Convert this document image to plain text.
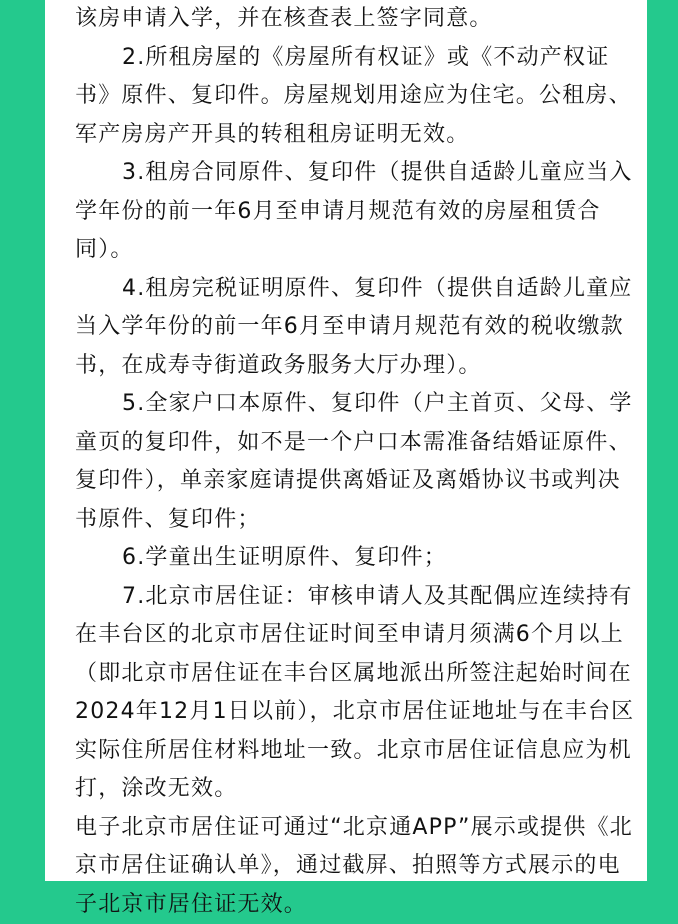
该房申请入学，并在核查表上签字同意。

2.所租房屋的《房屋所有权证》或《不动产权证书》原件、复印件。房屋规划用途应为住宅。公租房、军产房房产开具的转租租房证明无效。

3.租房合同原件、复印件（提供自适龄儿童应当入学年份的前一年6月至申请月规范有效的房屋租赁合同）。

4.租房完税证明原件、复印件（提供自适龄儿童应当入学年份的前一年6月至申请月规范有效的税收缴款书，在成寿寺街道政务服务大厅办理）。

5.全家户口本原件、复印件（户主首页、父母、学童页的复印件，如不是一个户口本需准备结婚证原件、复印件），单亲家庭请提供离婚证及离婚协议书或判决书原件、复印件；

6.学童出生证明原件、复印件；

7.北京市居住证：审核申请人及其配偶应连续持有在丰台区的北京市居住证时间至申请月须满6个月以上（即北京市居住证在丰台区属地派出所签注起始时间在2024年12月1日以前），北京市居住证地址与在丰台区实际住所居住材料地址一致。北京市居住证信息应为机打，涂改无效。

电子北京市居住证可通过“北京通APP”展示或提供《北京市居住证确认单》，通过截屏、拍照等方式展示的电子北京市居住证无效。
